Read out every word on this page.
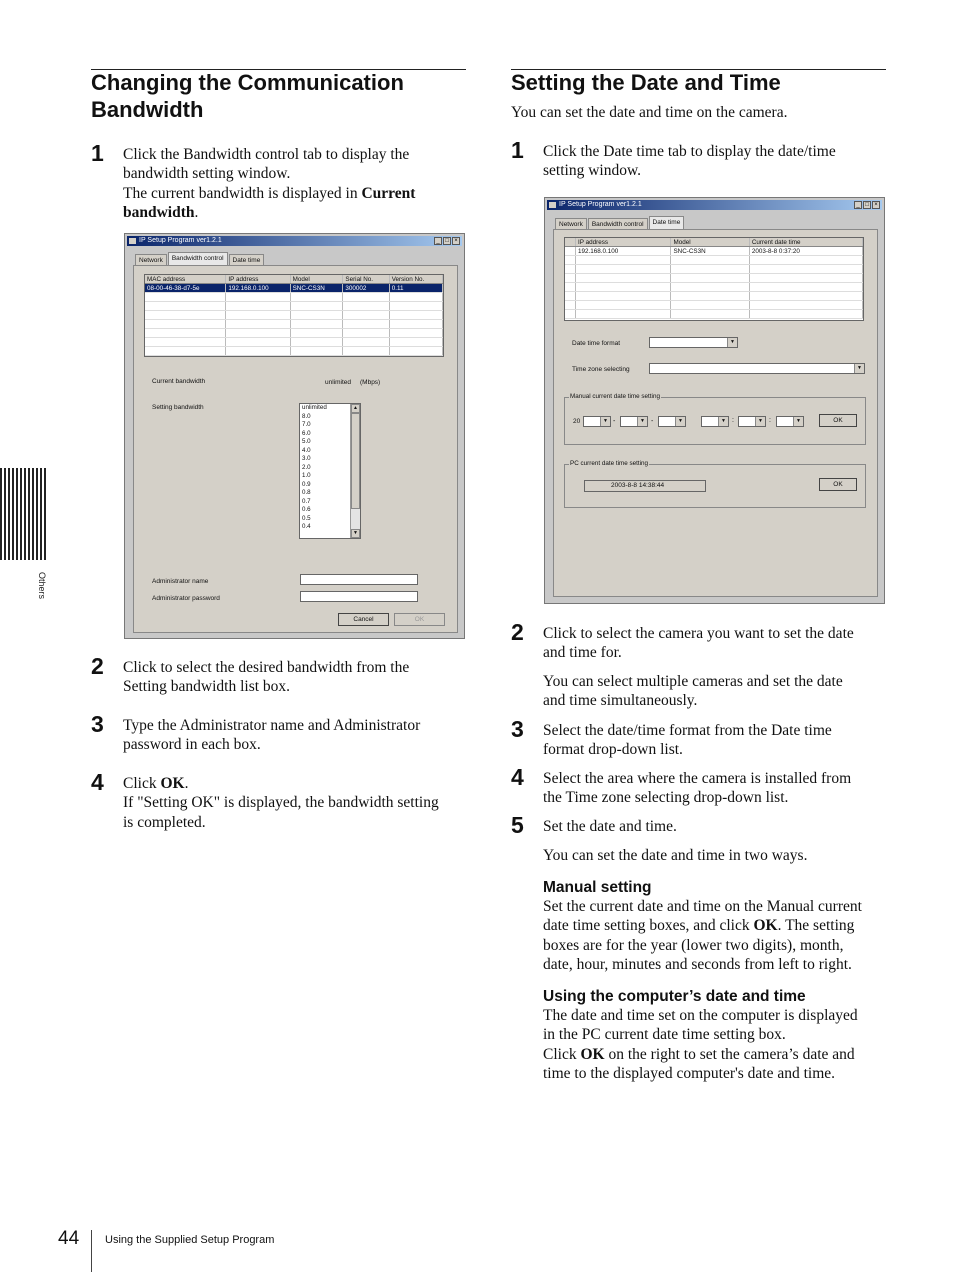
Others
Changing the Communication
Bandwidth
1 Click the Bandwidth control tab to display the
bandwidth setting window.
The current bandwidth is displayed in Current
bandwidth.
IP Setup Program ver1.2.1	_ □ ×
Network	Bandwidth control	Date time
MAC address	IP address	Model	Serial No.	Version No.
08-00-46-38-d7-5e	192.168.0.100	SNC-CS3N	300002	0.11

Current bandwidth	unlimited (Mbps)
Setting bandwidth	unlimited
8.0
7.0
6.0
5.0
4.0
3.0
2.0
1.0
0.9
0.8
0.7
0.6
0.5
0.4
▲
▼
Administrator name
Administrator password
Cancel	OK
2 Click to select the desired bandwidth from the
Setting bandwidth list box.
3 Type the Administrator name and Administrator
password in each box.
4 Click OK.
If "Setting OK" is displayed, the bandwidth setting
is completed.
Setting the Date and Time
You can set the date and time on the camera.
1 Click the Date time tab to display the date/time
setting window.
IP Setup Program ver1.2.1	_ □ ×
Network	Bandwidth control	Date time
	IP address	Model	Current date time
	192.168.0.100	SNC-CS3N	2003-8-8 0:37:20

Date time format	▼
Time zone selecting	▼
Manual current date time setting
20	▼ -	▼ -	▼	▼ :	▼ :	▼	OK
PC current date time setting
2003-8-8 14:38:44	OK
2 Click to select the camera you want to set the date
and time for.
You can select multiple cameras and set the date
and time simultaneously.
3 Select the date/time format from the Date time
format drop-down list.
4 Select the area where the camera is installed from
the Time zone selecting drop-down list.
5 Set the date and time.
You can set the date and time in two ways.
Manual setting
Set the current date and time on the Manual current
date time setting boxes, and click OK. The setting
boxes are for the year (lower two digits), month,
date, hour, minutes and seconds from left to right.
Using the computer’s date and time
The date and time set on the computer is displayed
in the PC current date time setting box.
Click OK on the right to set the camera’s date and
time to the displayed computer's date and time.
44 Using the Supplied Setup Program
